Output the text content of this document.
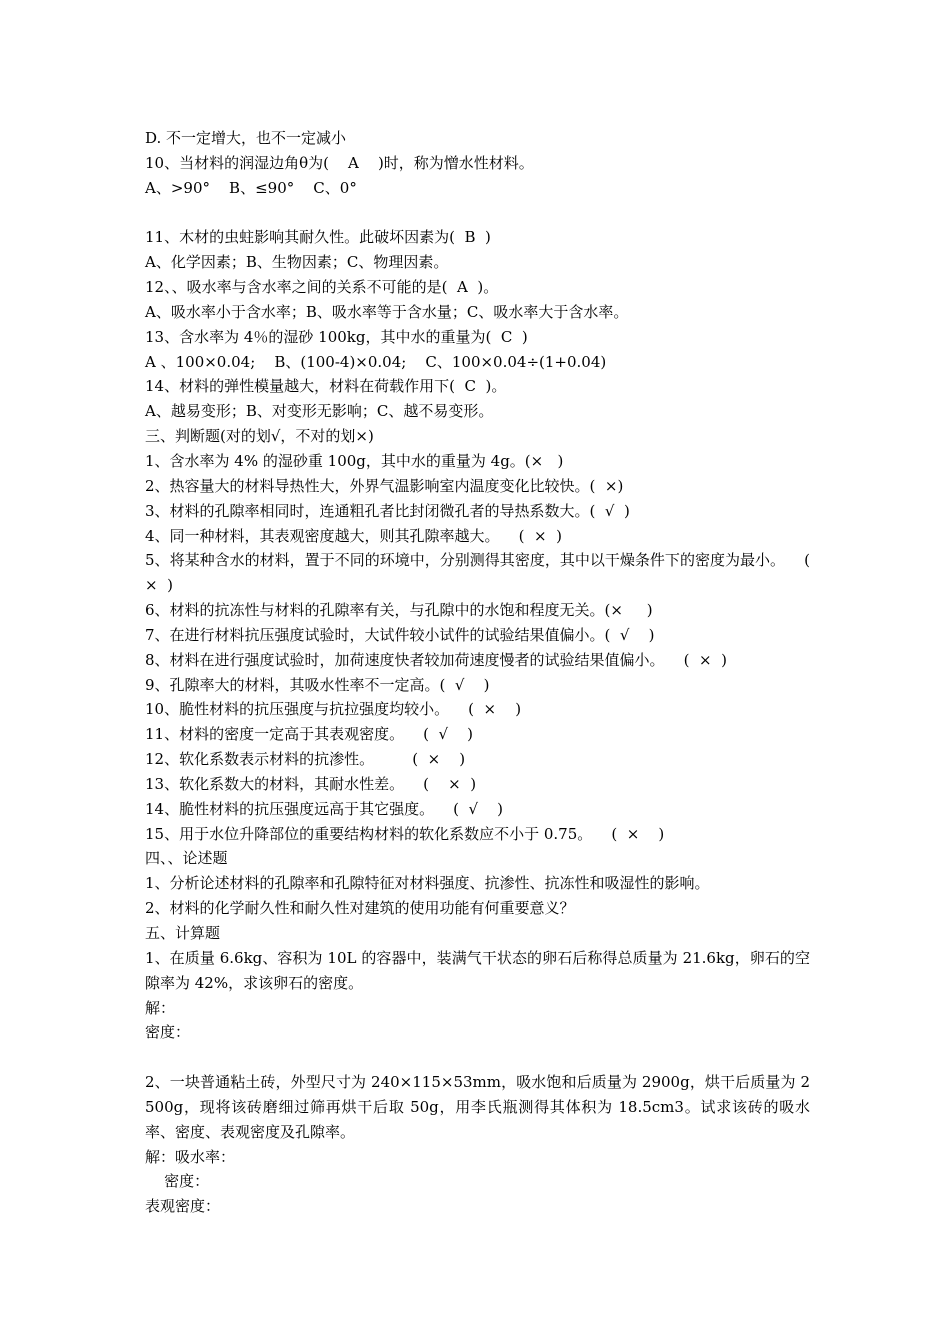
D. 不一定增大，也不一定减小
10、当材料的润湿边角θ为(    A    )时，称为憎水性材料。
A、>90°    B、≤90°    C、0°
11、木材的虫蛀影响其耐久性。此破坏因素为(  B  )
A、化学因素；B、生物因素；C、物理因素。
12、、吸水率与含水率之间的关系不可能的是(  A  )。
A、吸水率小于含水率；B、吸水率等于含水量；C、吸水率大于含水率。
13、含水率为 4％的湿砂 100kg，其中水的重量为(  C  )
A 、100×0.04;    B、(100-4)×0.04;    C、100×0.04÷(1+0.04)
14、材料的弹性模量越大，材料在荷载作用下(  C  )。
A、越易变形；B、对变形无影响；C、越不易变形。
三、判断题(对的划√，不对的划×)
1、含水率为 4% 的湿砂重 100g，其中水的重量为 4g。(×   )
2、热容量大的材料导热性大，外界气温影响室内温度变化比较快。(  ×)
3、材料的孔隙率相同时，连通粗孔者比封闭微孔者的导热系数大。(  √  )
4、同一种材料，其表观密度越大，则其孔隙率越大。    (  ×  )
5、将某种含水的材料，置于不同的环境中，分别测得其密度，其中以干燥条件下的密度为最小。    (  ×  )
6、材料的抗冻性与材料的孔隙率有关，与孔隙中的水饱和程度无关。(×     )
7、在进行材料抗压强度试验时，大试件较小试件的试验结果值偏小。(  √    )
8、材料在进行强度试验时，加荷速度快者较加荷速度慢者的试验结果值偏小。    (  ×  )
9、孔隙率大的材料，其吸水性率不一定高。(  √    )
10、脆性材料的抗压强度与抗拉强度均较小。    (  ×    )
11、材料的密度一定高于其表观密度。    (  √    )
12、软化系数表示材料的抗渗性。        (  ×    )
13、软化系数大的材料，其耐水性差。    (    ×  )
14、脆性材料的抗压强度远高于其它强度。    (  √    )
15、用于水位升降部位的重要结构材料的软化系数应不小于 0.75。    (  ×    )
四、、论述题
1、分析论述材料的孔隙率和孔隙特征对材料强度、抗渗性、抗冻性和吸湿性的影响。
2、材料的化学耐久性和耐久性对建筑的使用功能有何重要意义？
五、计算题
1、在质量 6.6kg、容积为 10L 的容器中，装满气干状态的卵石后称得总质量为 21.6kg，卵石的空隙率为 42%，求该卵石的密度。
解：
密度：
2、一块普通粘土砖，外型尺寸为 240×115×53mm，吸水饱和后质量为 2900g，烘干后质量为 2500g，现将该砖磨细过筛再烘干后取 50g，用李氏瓶测得其体积为 18.5cm3。试求该砖的吸水率、密度、表观密度及孔隙率。
解：吸水率：
密度：
表观密度：
